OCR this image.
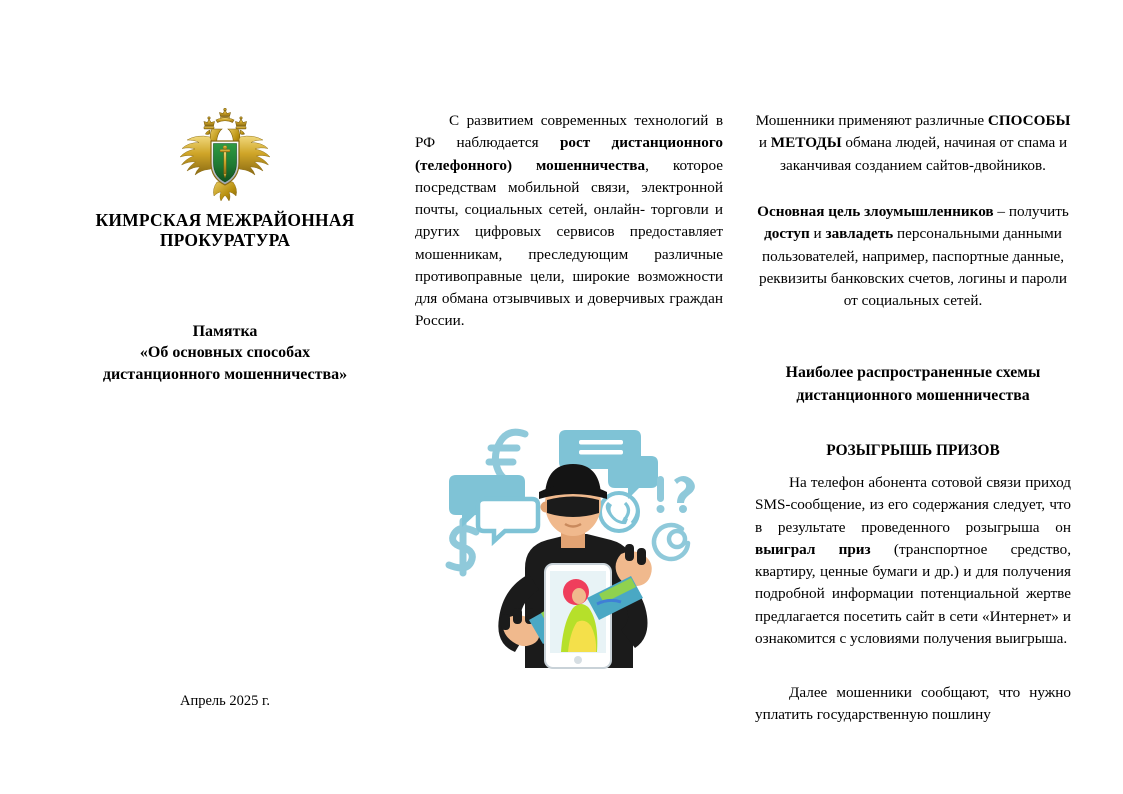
КИМРСКАЯ МЕЖРАЙОННАЯ
ПРОКУРАТУРА
Памятка
«Об основных способах
дистанционного мошенничества»
Апрель 2025 г.

С развитием современных технологий в РФ наблюдается рост дистанционного (телефонного) мошенничества, которое посредствам мобильной связи, электронной почты, социальных сетей, онлайн- торговли и других цифровых сервисов предоставляет мошенникам, преследующим различные противоправные цели, широкие возможности для обмана отзывчивых и доверчивых граждан России.

Мошенники применяют различные СПОСОБЫ и МЕТОДЫ обмана людей, начиная от спама и заканчивая созданием сайтов-двойников.

Основная цель злоумышленников – получить доступ и завладеть персональными данными пользователей, например, паспортные данные, реквизиты банковских счетов, логины и пароли от социальных сетей.

Наиболее распространенные схемы
дистанционного мошенничества

РОЗЫГРЫШЬ ПРИЗОВ

На телефон абонента сотовой связи приход SMS-сообщение, из его содержания следует, что в результате проведенного розыгрыша он выиграл приз (транспортное средство, квартиру, ценные бумаги и др.) и для получения подробной информации потенциальной жертве предлагается посетить сайт в сети «Интернет» и ознакомится с условиями получения выигрыша.

Далее мошенники сообщают, что нужно уплатить государственную пошлину
